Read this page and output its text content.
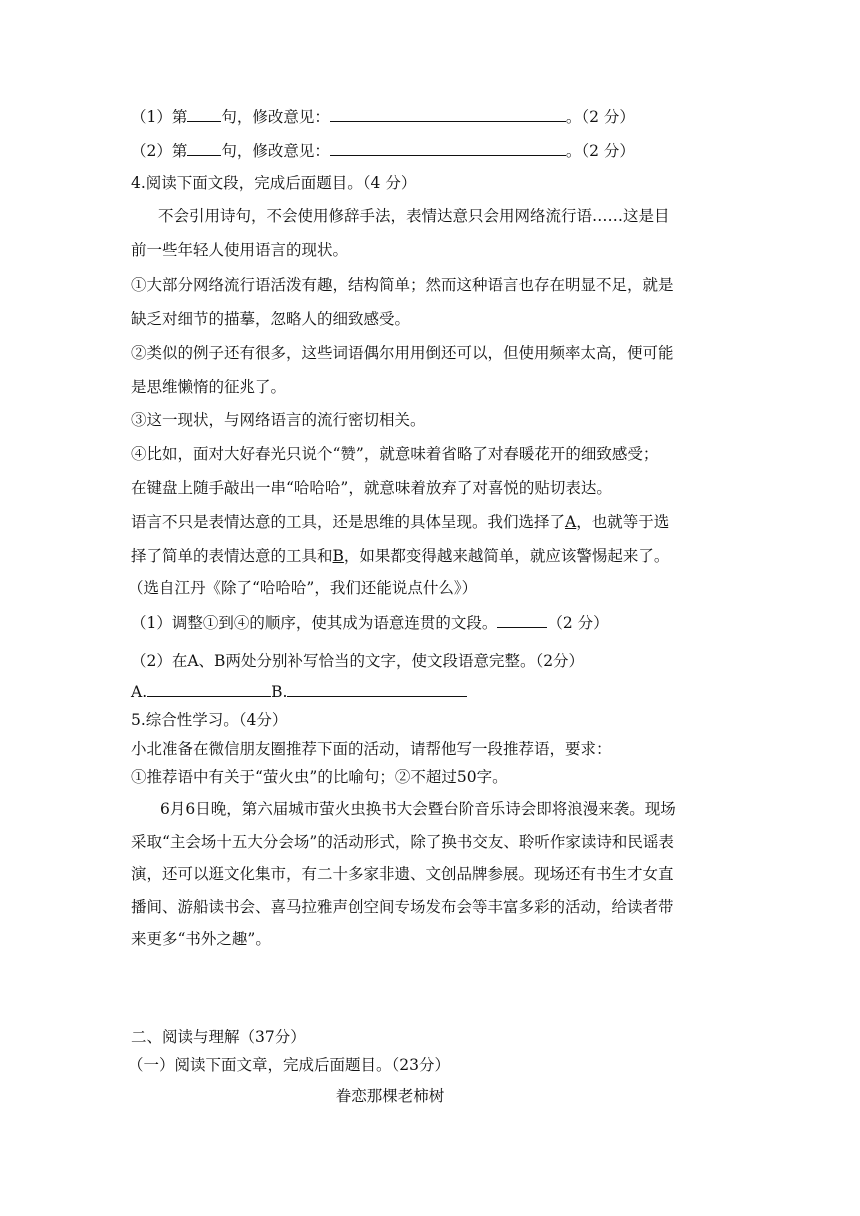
（1）第 句，修改意见：	。（2 分）
（2）第 句，修改意见：	。（2 分）
4.阅读下面文段，完成后面题目。（4 分）
不会引用诗句，不会使用修辞手法，表情达意只会用网络流行语……这是目
前一些年轻人使用语言的现状。
①大部分网络流行语活泼有趣，结构简单；然而这种语言也存在明显不足，就是
缺乏对细节的描摹，忽略人的细致感受。
②类似的例子还有很多，这些词语偶尔用用倒还可以，但使用频率太高，便可能
是思维懒惰的征兆了。
③这一现状，与网络语言的流行密切相关。
④比如，面对大好春光只说个“赞”，就意味着省略了对春暖花开的细致感受；
在键盘上随手敲出一串“哈哈哈”，就意味着放弃了对喜悦的贴切表达。
语言不只是表情达意的工具，还是思维的具体呈现。我们选择了A，也就等于选
择了简单的表情达意的工具和B，如果都变得越来越简单，就应该警惕起来了。
（选自江丹《除了“哈哈哈”，我们还能说点什么》）
（1）调整①到④的顺序，使其成为语意连贯的文段。	（2 分）
（2）在A、B两处分别补写恰当的文字，使文段语意完整。（2分）
A.	B.
5.综合性学习。（4分）
小北准备在微信朋友圈推荐下面的活动，请帮他写一段推荐语，要求：
①推荐语中有关于“萤火虫”的比喻句；②不超过50字。
6月6日晚，第六届城市萤火虫换书大会暨台阶音乐诗会即将浪漫来袭。现场
采取“主会场十五大分会场”的活动形式，除了换书交友、聆听作家读诗和民谣表
演，还可以逛文化集市，有二十多家非遗、文创品牌参展。现场还有书生才女直
播间、游船读书会、喜马拉雅声创空间专场发布会等丰富多彩的活动，给读者带
来更多“书外之趣”。
二、阅读与理解（37分）
（一）阅读下面文章，完成后面题目。（23分）
眷恋那棵老柿树
